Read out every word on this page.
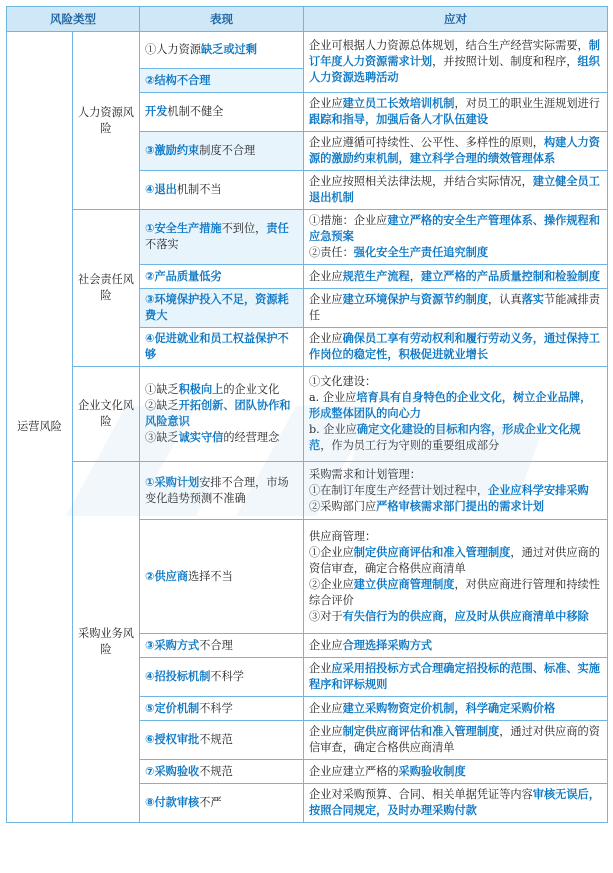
风险类型		表现	应对
运营风险	人力资源风险	①人力资源缺乏或过剩	企业可根据人力资源总体规划，结合生产经营实际需要，制订年度人力资源需求计划，并按照计划、制度和程序，组织人力资源选聘活动

		②结构不合理	

		开发机制不健全	企业应建立员工长效培训机制，对员工的职业生涯规划进行跟踪和指导，加强后备人才队伍建设

		③激励约束制度不合理	企业应遵循可持续性、公平性、多样性的原则，构建人力资源的激励约束机制，建立科学合理的绩效管理体系

		④退出机制不当	企业应按照相关法律法规，并结合实际情况，建立健全员工退出机制

	社会责任风险	①安全生产措施不到位，责任不落实	①措施：企业应建立严格的安全生产管理体系、操作规程和应急预案
②责任：强化安全生产责任追究制度

		②产品质量低劣	企业应规范生产流程，建立严格的产品质量控制和检验制度

		③环境保护投入不足，资源耗费大	企业应建立环境保护与资源节约制度，认真落实节能减排责任

		④促进就业和员工权益保护不够	企业应确保员工享有劳动权利和履行劳动义务，通过保持工作岗位的稳定性，积极促进就业增长

	企业文化风险	①缺乏积极向上的企业文化
②缺乏开拓创新、团队协作和风险意识
③缺乏诚实守信的经营理念	①文化建设：
a. 企业应培育具有自身特色的企业文化，树立企业品牌，形成整体团队的向心力
b. 企业应确定文化建设的目标和内容，形成企业文化规范，作为员工行为守则的重要组成部分

	采购业务风险	①采购计划安排不合理，市场变化趋势预测不准确	采购需求和计划管理：
①在制订年度生产经营计划过程中，企业应科学安排采购
②采购部门应严格审核需求部门提出的需求计划

		②供应商选择不当	供应商管理：
①企业应制定供应商评估和准入管理制度，通过对供应商的资信审查，确定合格供应商清单
②企业应建立供应商管理制度，对供应商进行管理和持续性综合评价
③对于有失信行为的供应商，应及时从供应商清单中移除

		③采购方式不合理	企业应合理选择采购方式

		④招投标机制不科学	企业应采用招投标方式合理确定招投标的范围、标准、实施程序和评标规则

		⑤定价机制不科学	企业应建立采购物资定价机制，科学确定采购价格

		⑥授权审批不规范	企业应制定供应商评估和准入管理制度，通过对供应商的资信审查，确定合格供应商清单

		⑦采购验收不规范	企业应建立严格的采购验收制度

		⑧付款审核不严	企业对采购预算、合同、相关单据凭证等内容审核无误后，按照合同规定，及时办理采购付款
